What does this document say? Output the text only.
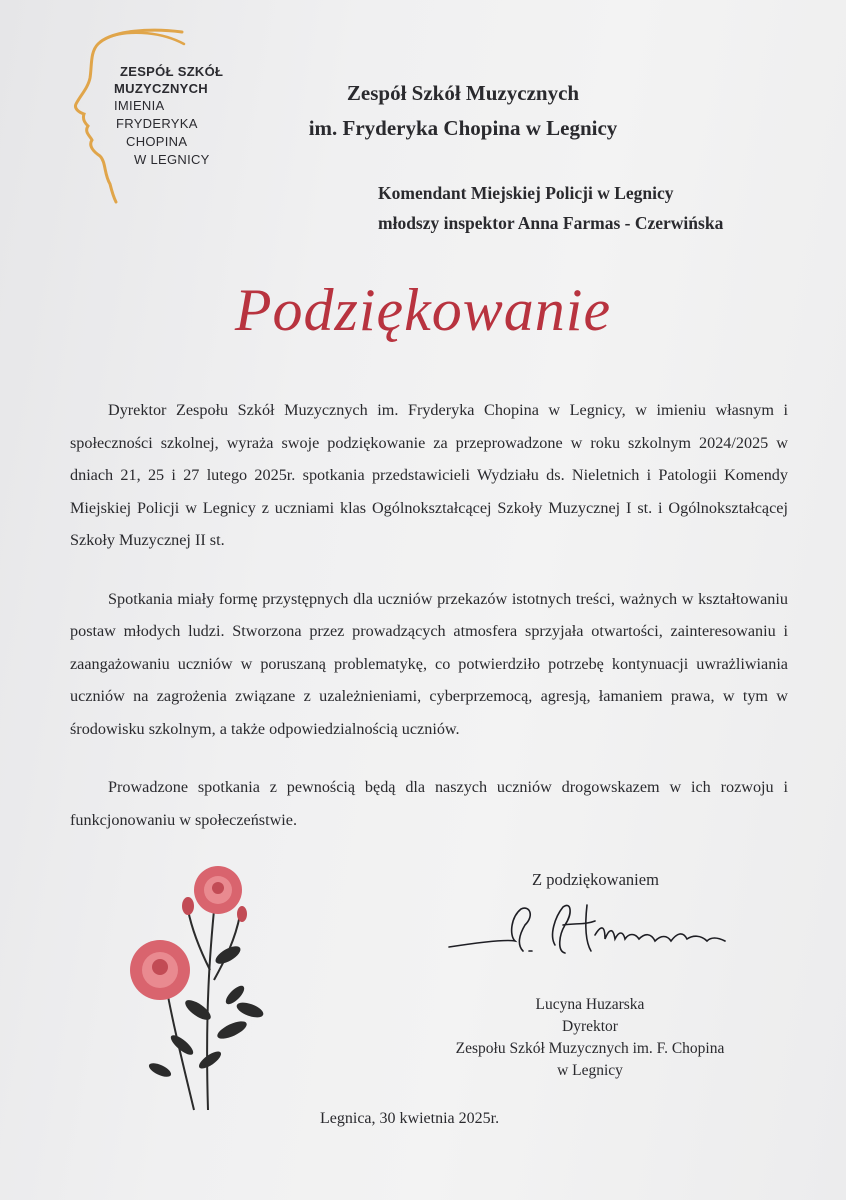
ZESPÓŁ SZKÓŁ
MUZYCZNYCH
IMIENIA
FRYDERYKA
CHOPINA
W LEGNICY
Zespół Szkół Muzycznych
im. Fryderyka Chopina w Legnicy
Komendant Miejskiej Policji w Legnicy
młodszy inspektor Anna Farmas - Czerwińska
Podziękowanie

Dyrektor Zespołu Szkół Muzycznych im. Fryderyka Chopina w Legnicy, w imieniu własnym i społeczności szkolnej, wyraża swoje podziękowanie za przeprowadzone w roku szkolnym 2024/2025 w dniach 21, 25 i 27 lutego 2025r. spotkania przedstawicieli Wydziału ds. Nieletnich i Patologii Komendy Miejskiej Policji w Legnicy z uczniami klas Ogólnokształcącej Szkoły Muzycznej I st. i Ogólnokształcącej Szkoły Muzycznej II st.

Spotkania miały formę przystępnych dla uczniów przekazów istotnych treści, ważnych w kształtowaniu postaw młodych ludzi. Stworzona przez prowadzących atmosfera sprzyjała otwartości, zainteresowaniu i zaangażowaniu uczniów w poruszaną problematykę, co potwierdziło potrzebę kontynuacji uwrażliwiania uczniów na zagrożenia związane z uzależnieniami, cyberprzemocą, agresją, łamaniem prawa, w tym w środowisku szkolnym, a także odpowiedzialnością uczniów.

Prowadzone spotkania z pewnością będą dla naszych uczniów drogowskazem w ich rozwoju i funkcjonowaniu w społeczeństwie.

Z podziękowaniem
Lucyna Huzarska
Dyrektor
Zespołu Szkół Muzycznych im. F. Chopina
w Legnicy
Legnica, 30 kwietnia 2025r.
